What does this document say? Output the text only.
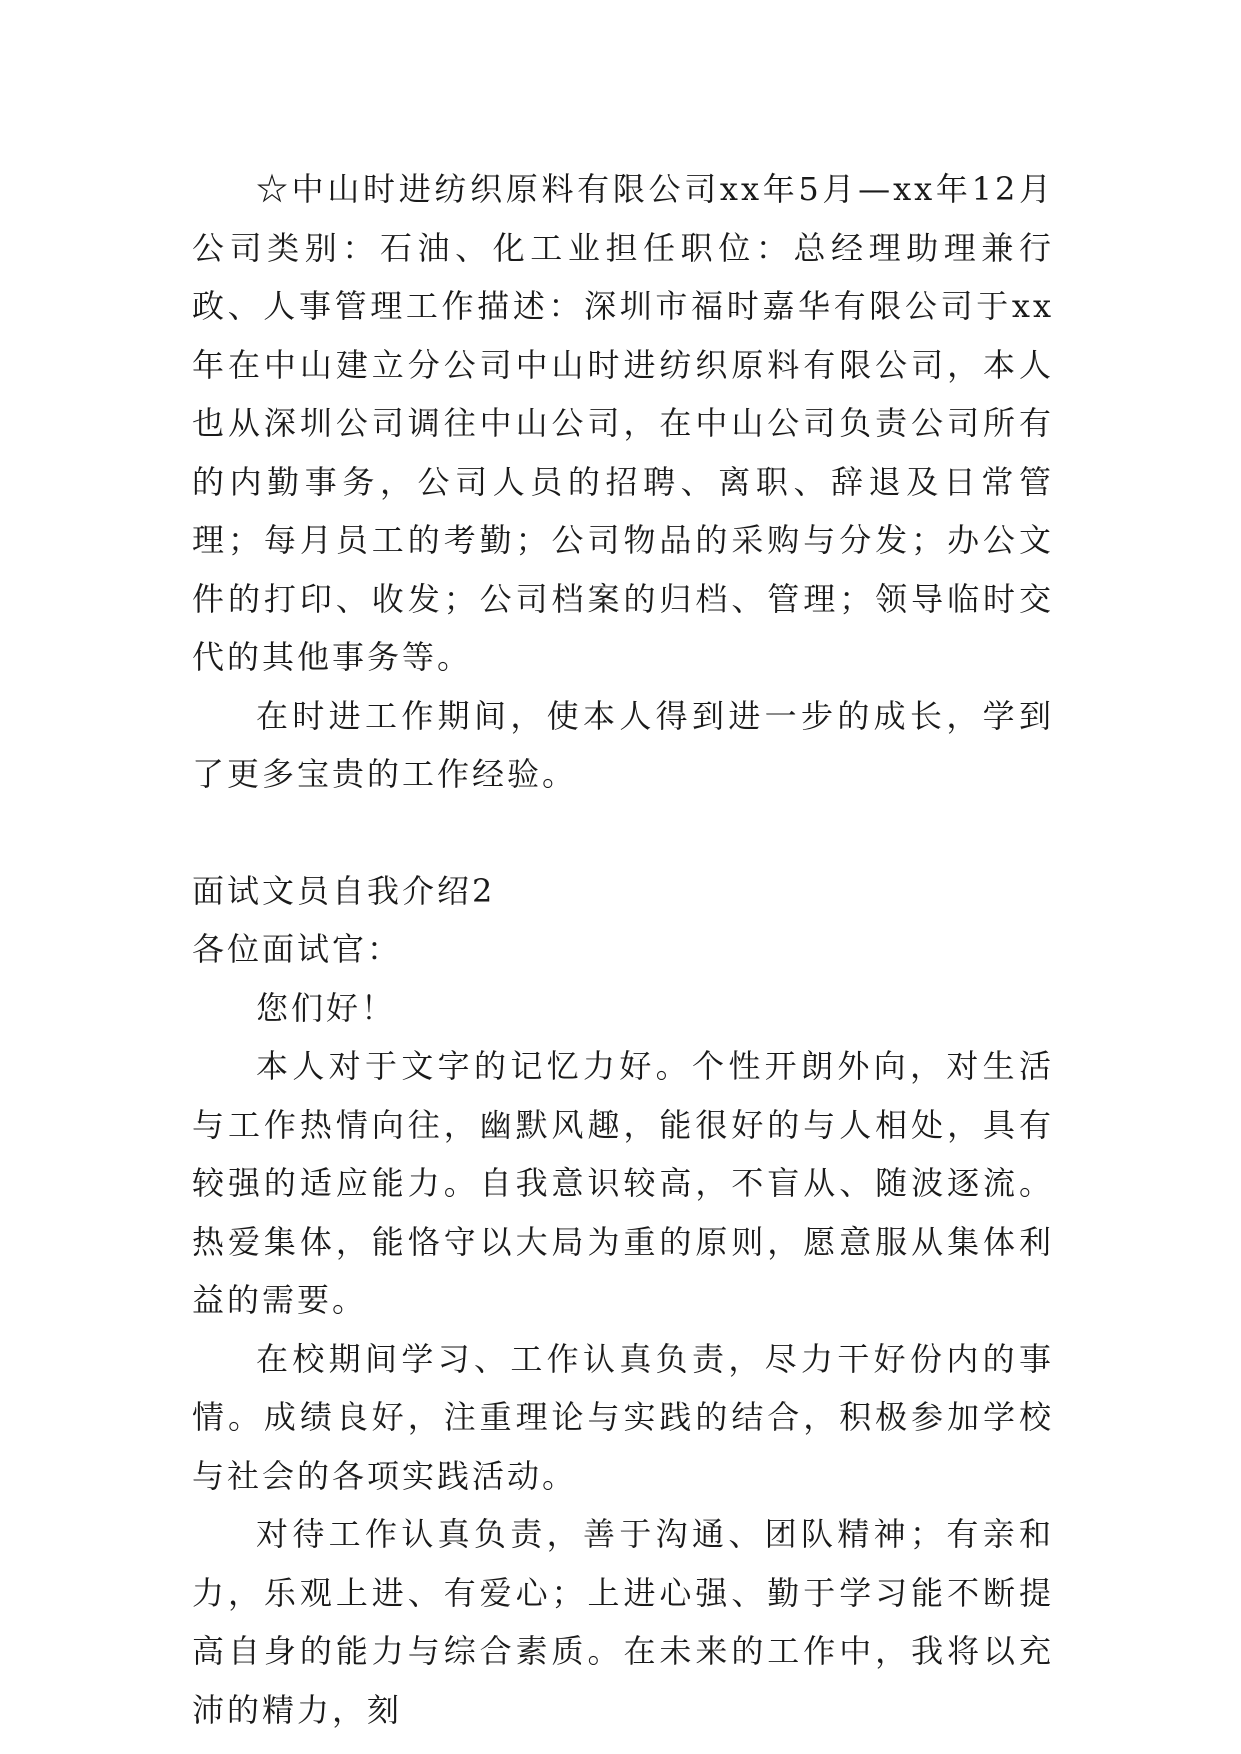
☆中山时进纺织原料有限公司xx年5月—xx年12月公司类别：石油、化工业担任职位：总经理助理兼行政、人事管理工作描述：深圳市福时嘉华有限公司于xx年在中山建立分公司中山时进纺织原料有限公司，本人也从深圳公司调往中山公司，在中山公司负责公司所有的内勤事务，公司人员的招聘、离职、辞退及日常管理；每月员工的考勤；公司物品的采购与分发；办公文件的打印、收发；公司档案的归档、管理；领导临时交代的其他事务等。

在时进工作期间，使本人得到进一步的成长，学到了更多宝贵的工作经验。

面试文员自我介绍2

各位面试官：

您们好！

本人对于文字的记忆力好。个性开朗外向，对生活与工作热情向往，幽默风趣，能很好的与人相处，具有较强的适应能力。自我意识较高，不盲从、随波逐流。热爱集体，能恪守以大局为重的原则，愿意服从集体利益的需要。

在校期间学习、工作认真负责，尽力干好份内的事情。成绩良好，注重理论与实践的结合，积极参加学校与社会的各项实践活动。

对待工作认真负责，善于沟通、团队精神；有亲和力，乐观上进、有爱心；上进心强、勤于学习能不断提高自身的能力与综合素质。在未来的工作中，我将以充沛的精力，刻
